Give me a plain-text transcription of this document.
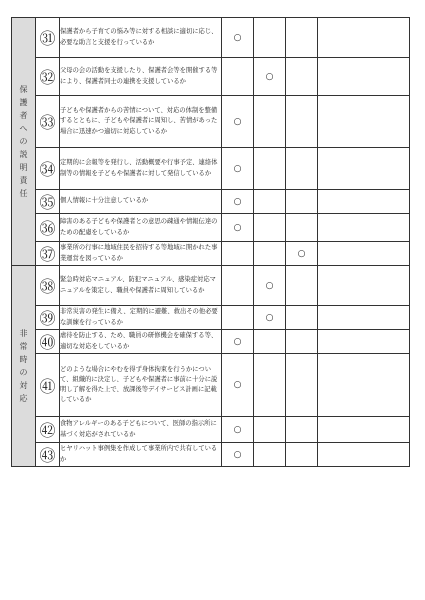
保護者への説明責任	㉛	保護者から子育ての悩み等に対する相談に適切に応じ、必要な助言と支援を行っているか	○			
	㉜	父母の会の活動を支援したり、保護者会等を開催する等により、保護者同士の連携を支援しているか		○		
	㉝	子どもや保護者からの苦情について、対応の体制を整備するとともに、子どもや保護者に周知し、苦情があった場合に迅速かつ適切に対応しているか	○			
	㉞	定期的に会報等を発行し、活動概要や行事予定、連絡体制等の情報を子どもや保護者に対して発信しているか	○			
	㉟	個人情報に十分注意しているか	○			
	㊱	障害のある子どもや保護者との意思の疎通や情報伝達のための配慮をしているか	○			
	㊲	事業所の行事に地域住民を招待する等地域に開かれた事業運営を図っているか			○	
非常時の対応	㊳	緊急時対応マニュアル、防犯マニュアル、感染症対応マニュアルを策定し、職員や保護者に周知しているか		○		
	㊴	非常災害の発生に備え、定期的に避難、救出その他必要な訓練を行っているか		○		
	㊵	虐待を防止する、ため、職員の研修機会を確保する等、適切な対応をしているか	○			
	㊶	どのような場合にやむを得ず身体拘束を行うかについて、組織的に決定し、子どもや保護者に事前に十分に説明し了解を得た上で、放課後等デイサービス計画に記載しているか	○			
	㊷	食物アレルギーのある子どもについて、医師の指示所に基づく対応がされているか	○			
	㊸	ヒヤリハット事例集を作成して事業所内で共有しているか	○			
